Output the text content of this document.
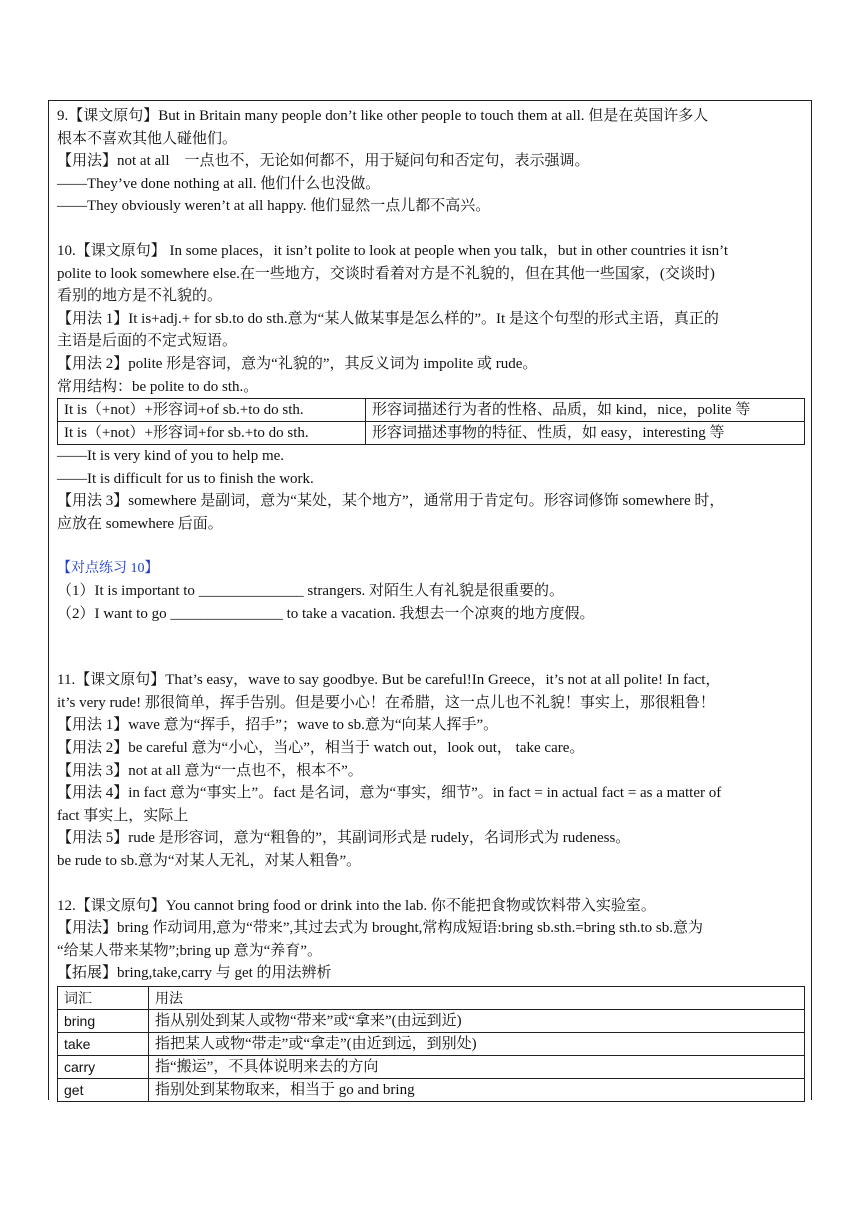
9.【课文原句】But in Britain many people don’t like other people to touch them at all. 但是在英国许多人

根本不喜欢其他人碰他们。

【用法】not at all　一点也不，无论如何都不，用于疑问句和否定句，表示强调。

——They’ve done nothing at all. 他们什么也没做。

——They obviously weren’t at all happy. 他们显然一点儿都不高兴。

10.【课文原句】 In some places，it isn’t polite to look at people when you talk，but in other countries it isn’t

polite to look somewhere else.在一些地方，交谈时看着对方是不礼貌的，但在其他一些国家，(交谈时)

看别的地方是不礼貌的。

【用法 1】It is+adj.+ for sb.to do sth.意为“某人做某事是怎么样的”。It 是这个句型的形式主语，真正的

主语是后面的不定式短语。

【用法 2】polite 形是容词，意为“礼貌的”，其反义词为 impolite 或 rude。

常用结构：be polite to do sth.。

It is（+not）+形容词+of sb.+to do sth.	形容词描述行为者的性格、品质，如 kind，nice，polite 等
It is（+not）+形容词+for sb.+to do sth.	形容词描述事物的特征、性质，如 easy，interesting 等

——It is very kind of you to help me.

——It is difficult for us to finish the work.

【用法 3】somewhere 是副词，意为“某处，某个地方”，通常用于肯定句。形容词修饰 somewhere 时，

应放在 somewhere 后面。

【对点练习 10】

（1）It is important to ______________ strangers. 对陌生人有礼貌是很重要的。

（2）I want to go _______________ to take a vacation. 我想去一个凉爽的地方度假。

11.【课文原句】That’s easy，wave to say goodbye. But be careful!In Greece，it’s not at all polite! In fact，

it’s very rude! 那很简单，挥手告别。但是要小心！在希腊，这一点儿也不礼貌！事实上，那很粗鲁！

【用法 1】wave 意为“挥手，招手”；wave to sb.意为“向某人挥手”。

【用法 2】be careful 意为“小心，当心”，相当于 watch out，look out， take care。

【用法 3】not at all 意为“一点也不，根本不”。

【用法 4】in fact 意为“事实上”。fact 是名词，意为“事实，细节”。in fact = in actual fact = as a matter of

fact 事实上，实际上

【用法 5】rude 是形容词，意为“粗鲁的”，其副词形式是 rudely，名词形式为 rudeness。

be rude to sb.意为“对某人无礼，对某人粗鲁”。

12.【课文原句】You cannot bring food or drink into the lab. 你不能把食物或饮料带入实验室。

【用法】bring 作动词用,意为“带来”,其过去式为 brought,常构成短语:bring sb.sth.=bring sth.to sb.意为

“给某人带来某物”;bring up 意为“养育”。

【拓展】bring,take,carry 与 get 的用法辨析

词汇	用法
bring	指从别处到某人或物“带来”或“拿来”(由远到近)
take	指把某人或物“带走”或“拿走”(由近到远，到别处)
carry	指“搬运”，不具体说明来去的方向
get	指别处到某物取来，相当于 go and bring
